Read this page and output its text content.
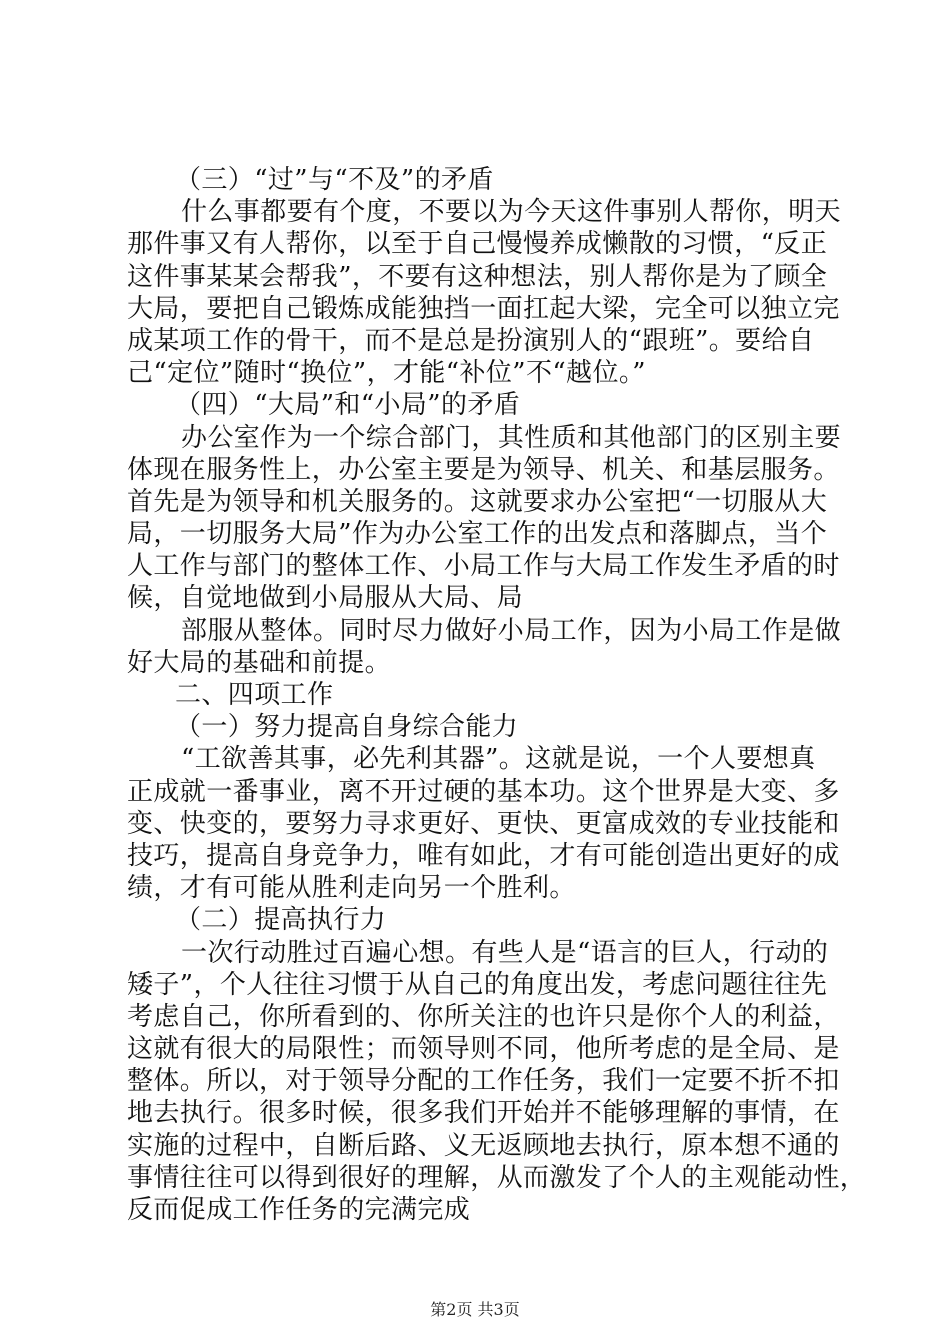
（三）“过”与“不及”的矛盾
什么事都要有个度，不要以为今天这件事别人帮你，明天
那件事又有人帮你，以至于自己慢慢养成懒散的习惯，“反正
这件事某某会帮我”，不要有这种想法，别人帮你是为了顾全
大局，要把自己锻炼成能独挡一面扛起大梁，完全可以独立完
成某项工作的骨干，而不是总是扮演别人的“跟班”。要给自
己“定位”随时“换位”，才能“补位”不“越位。”
（四）“大局”和“小局”的矛盾
办公室作为一个综合部门，其性质和其他部门的区别主要
体现在服务性上，办公室主要是为领导、机关、和基层服务。
首先是为领导和机关服务的。这就要求办公室把“一切服从大
局，一切服务大局”作为办公室工作的出发点和落脚点，当个
人工作与部门的整体工作、小局工作与大局工作发生矛盾的时
候，自觉地做到小局服从大局、局
部服从整体。同时尽力做好小局工作，因为小局工作是做
好大局的基础和前提。
二、四项工作
（一）努力提高自身综合能力
“工欲善其事，必先利其器”。这就是说，一个人要想真
正成就一番事业，离不开过硬的基本功。这个世界是大变、多
变、快变的，要努力寻求更好、更快、更富成效的专业技能和
技巧，提高自身竞争力，唯有如此，才有可能创造出更好的成
绩，才有可能从胜利走向另一个胜利。
（二）提高执行力
一次行动胜过百遍心想。有些人是“语言的巨人，行动的
矮子”，个人往往习惯于从自己的角度出发，考虑问题往往先
考虑自己，你所看到的、你所关注的也许只是你个人的利益，
这就有很大的局限性；而领导则不同，他所考虑的是全局、是
整体。所以，对于领导分配的工作任务，我们一定要不折不扣
地去执行。很多时候，很多我们开始并不能够理解的事情，在
实施的过程中，自断后路、义无返顾地去执行，原本想不通的
事情往往可以得到很好的理解，从而激发了个人的主观能动性，
反而促成工作任务的完满完成
第2页 共3页
